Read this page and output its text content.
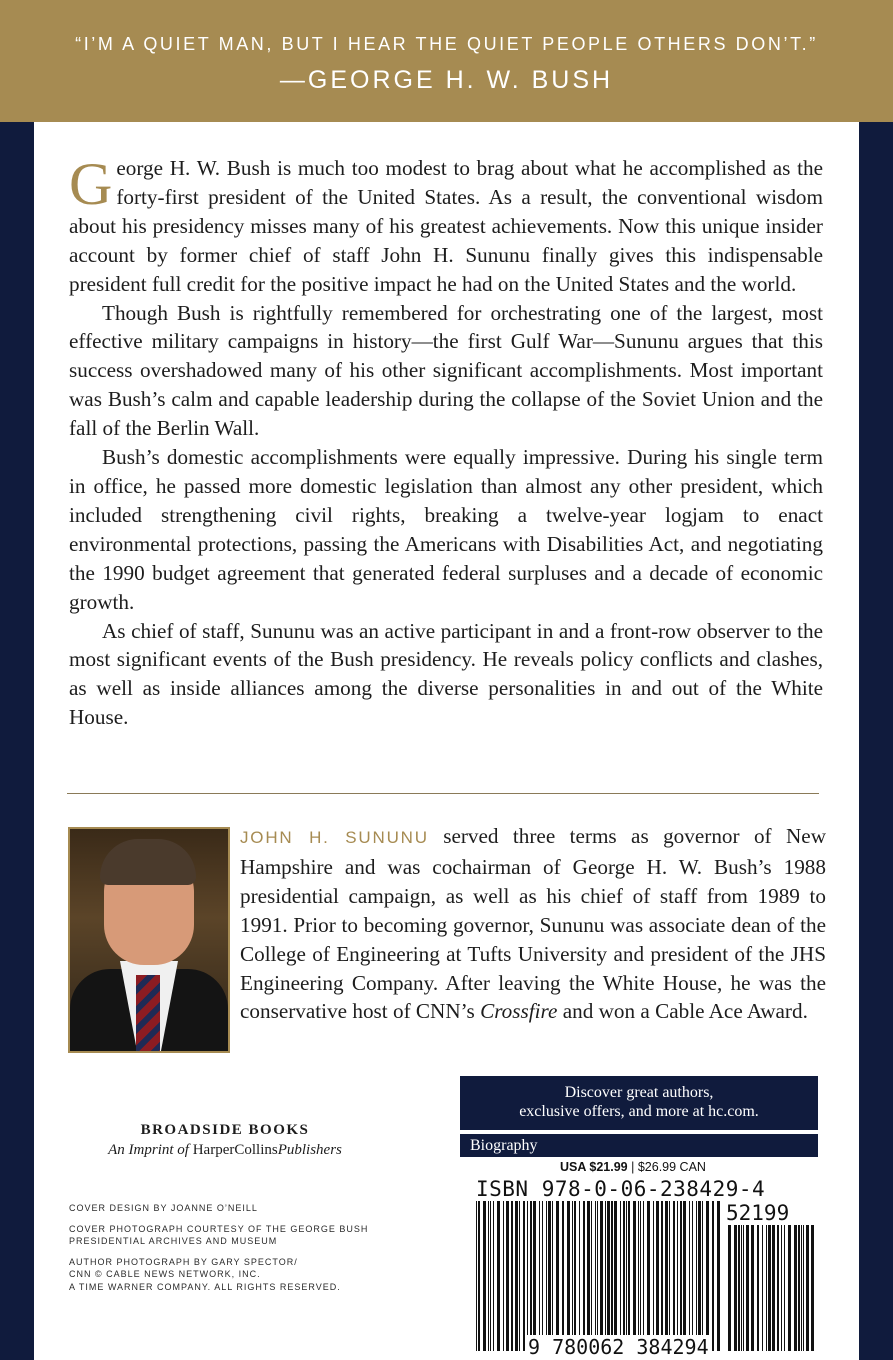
“I’M A QUIET MAN, BUT I HEAR THE QUIET PEOPLE OTHERS DON’T.”
—GEORGE H. W. BUSH

George H. W. Bush is much too modest to brag about what he accomplished as the forty-first president of the United States. As a result, the conventional wisdom about his presidency misses many of his greatest achievements. Now this unique insider account by former chief of staff John H. Sununu finally gives this indispensable president full credit for the positive impact he had on the United States and the world.

Though Bush is rightfully remembered for orchestrating one of the largest, most effective military campaigns in history—the first Gulf War—Sununu argues that this success overshadowed many of his other significant accomplishments. Most important was Bush’s calm and capable leadership during the collapse of the Soviet Union and the fall of the Berlin Wall.

Bush’s domestic accomplishments were equally impressive. During his single term in office, he passed more domestic legislation than almost any other president, which included strengthening civil rights, breaking a twelve-year logjam to enact environmental protections, passing the Americans with Disabilities Act, and negotiating the 1990 budget agreement that generated federal surpluses and a decade of economic growth.

As chief of staff, Sununu was an active participant in and a front-row observer to the most significant events of the Bush presidency. He reveals policy conflicts and clashes, as well as inside alliances among the diverse personalities in and out of the White House.

JOHN H. SUNUNU served three terms as governor of New Hampshire and was cochairman of George H. W. Bush’s 1988 presidential campaign, as well as his chief of staff from 1989 to 1991. Prior to becoming governor, Sununu was associate dean of the College of Engineering at Tufts University and president of the JHS Engineering Company. After leaving the White House, he was the conservative host of CNN’s Crossfire and won a Cable Ace Award.
Discover great authors,
exclusive offers, and more at hc.com.
Biography
BROADSIDE BOOKS
An Imprint of HarperCollinsPublishers
COVER DESIGN BY JOANNE O’NEILL
COVER PHOTOGRAPH COURTESY OF THE GEORGE BUSH
PRESIDENTIAL ARCHIVES AND MUSEUM
AUTHOR PHOTOGRAPH BY GARY SPECTOR/
CNN © CABLE NEWS NETWORK, INC.
A TIME WARNER COMPANY. ALL RIGHTS RESERVED.
USA $21.99 | $26.99 CAN
ISBN 978-0-06-238429-4
52199
9 780062 384294
